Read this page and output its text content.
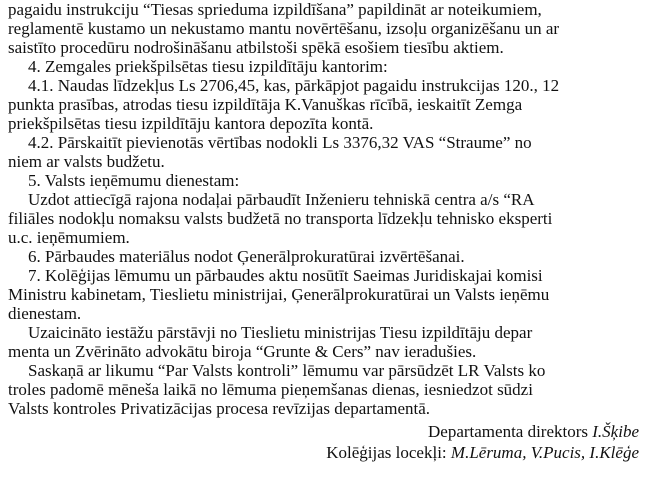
pagaidu instrukciju “Tiesas sprieduma izpildīšana” papildināt ar noteikumiem,

reglamentē kustamo un nekustamo mantu novērtēšanu, izsoļu organizēšanu un ar

saistīto procedūru nodrošināšanu atbilstoši spēkā esošiem tiesību aktiem.

4. Zemgales priekšpilsētas tiesu izpildītāju kantorim:

4.1. Naudas līdzekļus Ls 2706,45, kas, pārkāpjot pagaidu instrukcijas 120., 12

punkta prasības, atrodas tiesu izpildītāja K.Vanuškas rīcībā, ieskaitīt Zemga

priekšpilsētas tiesu izpildītāju kantora depozīta kontā.

4.2. Pārskaitīt pievienotās vērtības nodokli Ls 3376,32 VAS “Straume” no

niem ar valsts budžetu.

5. Valsts ieņēmumu dienestam:

Uzdot attiecīgā rajona nodaļai pārbaudīt Inženieru tehniskā centra a/s “RA

filiāles nodokļu nomaksu valsts budžetā no transporta līdzekļu tehnisko eksperti

u.c. ieņēmumiem.

6. Pārbaudes materiālus nodot Ģenerālprokuratūrai izvērtēšanai.

7. Kolēģijas lēmumu un pārbaudes aktu nosūtīt Saeimas Juridiskajai komisi

Ministru kabinetam, Tieslietu ministrijai, Ģenerālprokuratūrai un Valsts ieņēmu

dienestam.

Uzaicināto iestāžu pārstāvji no Tieslietu ministrijas Tiesu izpildītāju depar

menta un Zvērināto advokātu biroja “Grunte & Cers” nav ieradušies.

Saskaņā ar likumu “Par Valsts kontroli” lēmumu var pārsūdzēt LR Valsts ko

troles padomē mēneša laikā no lēmuma pieņemšanas dienas, iesniedzot sūdzi

Valsts kontroles Privatizācijas procesa revīzijas departamentā.

Departamenta direktors I.Šķibe

Kolēģijas locekļi: M.Lēruma, V.Pucis, I.Klēģe
